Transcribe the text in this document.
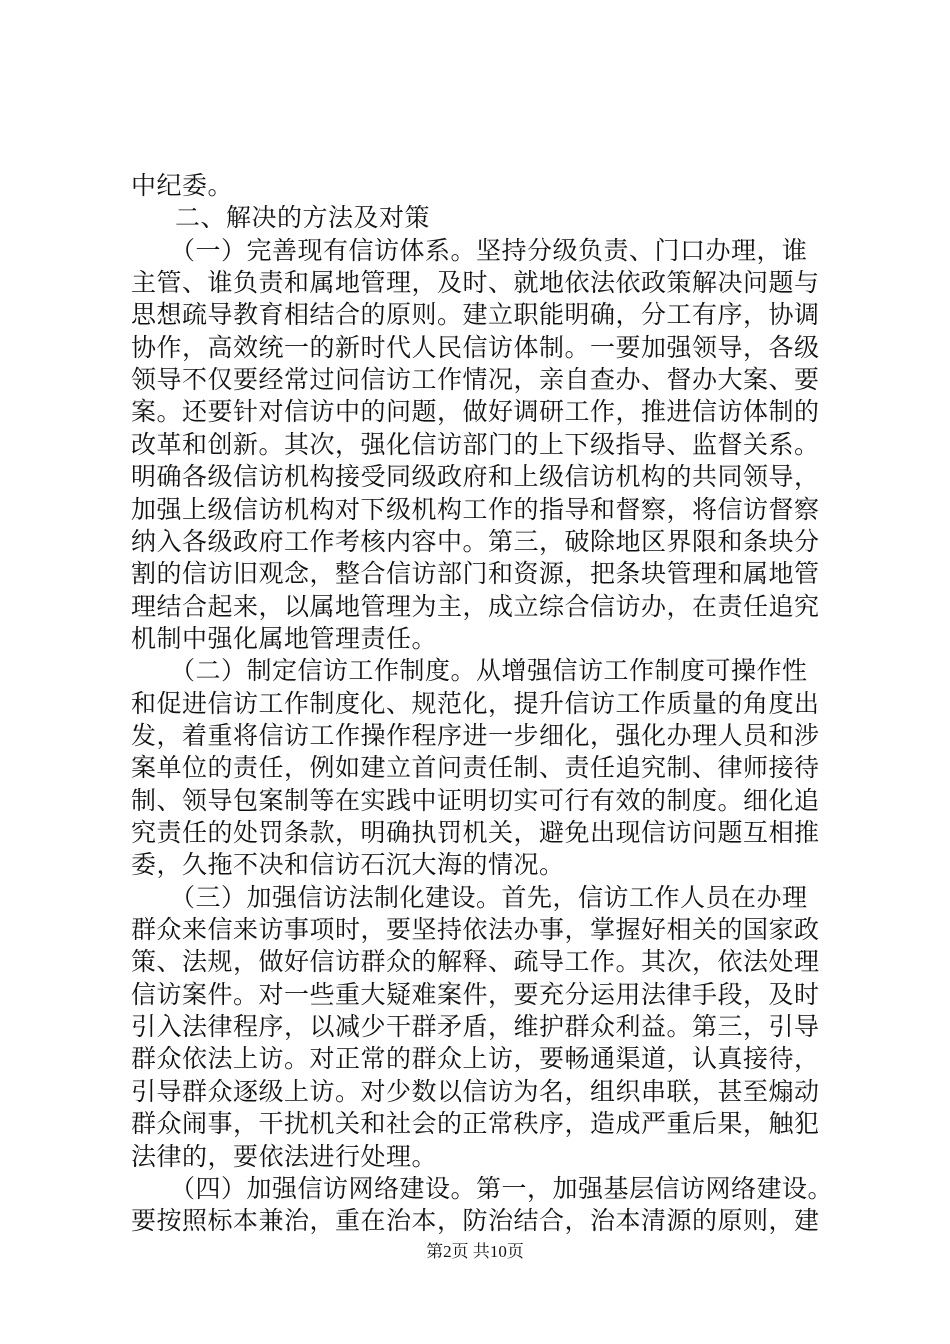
中纪委。
二、解决的方法及对策
（一）完善现有信访体系。坚持分级负责、门口办理，谁
主管、谁负责和属地管理，及时、就地依法依政策解决问题与
思想疏导教育相结合的原则。建立职能明确，分工有序，协调
协作，高效统一的新时代人民信访体制。一要加强领导，各级
领导不仅要经常过问信访工作情况，亲自查办、督办大案、要
案。还要针对信访中的问题，做好调研工作，推进信访体制的
改革和创新。其次，强化信访部门的上下级指导、监督关系。
明确各级信访机构接受同级政府和上级信访机构的共同领导，
加强上级信访机构对下级机构工作的指导和督察，将信访督察
纳入各级政府工作考核内容中。第三，破除地区界限和条块分
割的信访旧观念，整合信访部门和资源，把条块管理和属地管
理结合起来，以属地管理为主，成立综合信访办，在责任追究
机制中强化属地管理责任。
（二）制定信访工作制度。从增强信访工作制度可操作性
和促进信访工作制度化、规范化，提升信访工作质量的角度出
发，着重将信访工作操作程序进一步细化，强化办理人员和涉
案单位的责任，例如建立首问责任制、责任追究制、律师接待
制、领导包案制等在实践中证明切实可行有效的制度。细化追
究责任的处罚条款，明确执罚机关，避免出现信访问题互相推
委，久拖不决和信访石沉大海的情况。
（三）加强信访法制化建设。首先，信访工作人员在办理
群众来信来访事项时，要坚持依法办事，掌握好相关的国家政
策、法规，做好信访群众的解释、疏导工作。其次，依法处理
信访案件。对一些重大疑难案件，要充分运用法律手段，及时
引入法律程序，以减少干群矛盾，维护群众利益。第三，引导
群众依法上访。对正常的群众上访，要畅通渠道，认真接待，
引导群众逐级上访。对少数以信访为名，组织串联，甚至煽动
群众闹事，干扰机关和社会的正常秩序，造成严重后果，触犯
法律的，要依法进行处理。
（四）加强信访网络建设。第一，加强基层信访网络建设。
要按照标本兼治，重在治本，防治结合，治本清源的原则，建
第2页 共10页
